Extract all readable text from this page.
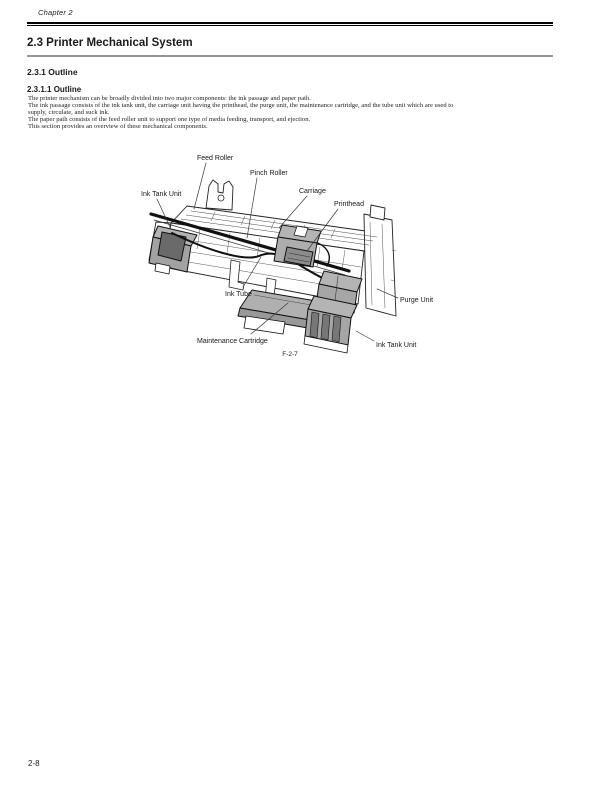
Chapter 2
2.3 Printer Mechanical System
2.3.1 Outline
2.3.1.1 Outline
The printer mechanism can be broadly divided into two major components: the ink passage and paper path.
The ink passage consists of the ink tank unit, the carriage unit having the printhead, the purge unit, the maintenance cartridge, and the tube unit which are used to
supply, circulate, and suck ink.
The paper path consists of the feed roller unit to support one type of media feeding, transport, and ejection.
This section provides an overview of these mechanical components.
Feed Roller
Pinch Roller
Ink Tank Unit	Carriage
Printhead
Ink Tube
Purge Unit
Maintenance Cartridge
Ink Tank Unit
F-2-7
2-8
